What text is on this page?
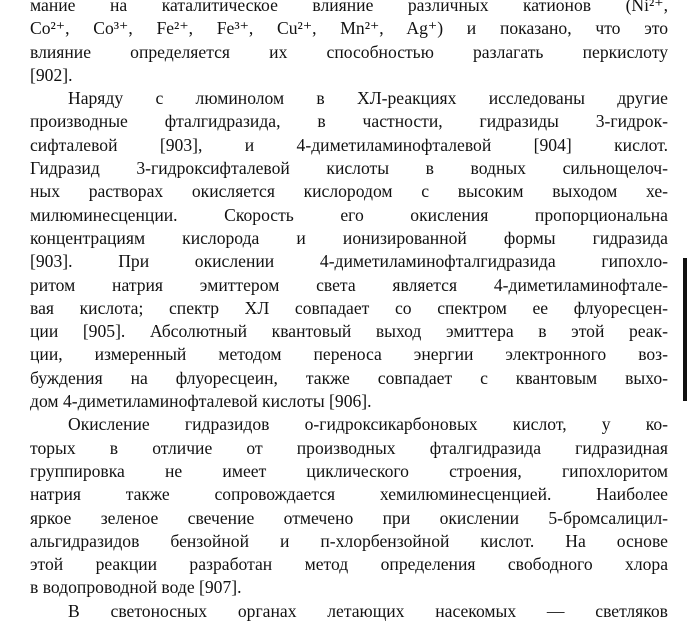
мание на каталитическое влияние различных катионов (Ni²⁺,
Co²⁺, Co³⁺, Fe²⁺, Fe³⁺, Cu²⁺, Mn²⁺, Ag⁺) и показано, что это
влияние определяется их способностью разлагать перкислоту
[902].
Наряду с люминолом в ХЛ-реакциях исследованы другие
производные фталгидразида, в частности, гидразиды 3-гидрок-
сифталевой [903], и 4-диметиламинофталевой [904] кислот.
Гидразид 3-гидроксифталевой кислоты в водных сильнощелоч-
ных растворах окисляется кислородом с высоким выходом хе-
милюминесценции. Скорость его окисления пропорциональна
концентрациям кислорода и ионизированной формы гидразида
[903]. При окислении 4-диметиламинофталгидразида гипохло-
ритом натрия эмиттером света является 4-диметиламинофтале-
вая кислота; спектр ХЛ совпадает со спектром ее флуоресцен-
ции [905]. Абсолютный квантовый выход эмиттера в этой реак-
ции, измеренный методом переноса энергии электронного воз-
буждения на флуоресцеин, также совпадает с квантовым выхо-
дом 4-диметиламинофталевой кислоты [906].
Окисление гидразидов о-гидроксикарбоновых кислот, у ко-
торых в отличие от производных фталгидразида гидразидная
группировка не имеет циклического строения, гипохлоритом
натрия также сопровождается хемилюминесценцией. Наиболее
яркое зеленое свечение отмечено при окислении 5-бромсалицил-
альгидразидов бензойной и п-хлорбензойной кислот. На основе
этой реакции разработан метод определения свободного хлора
в водопроводной воде [907].
В светоносных органах летающих насекомых — светляков
